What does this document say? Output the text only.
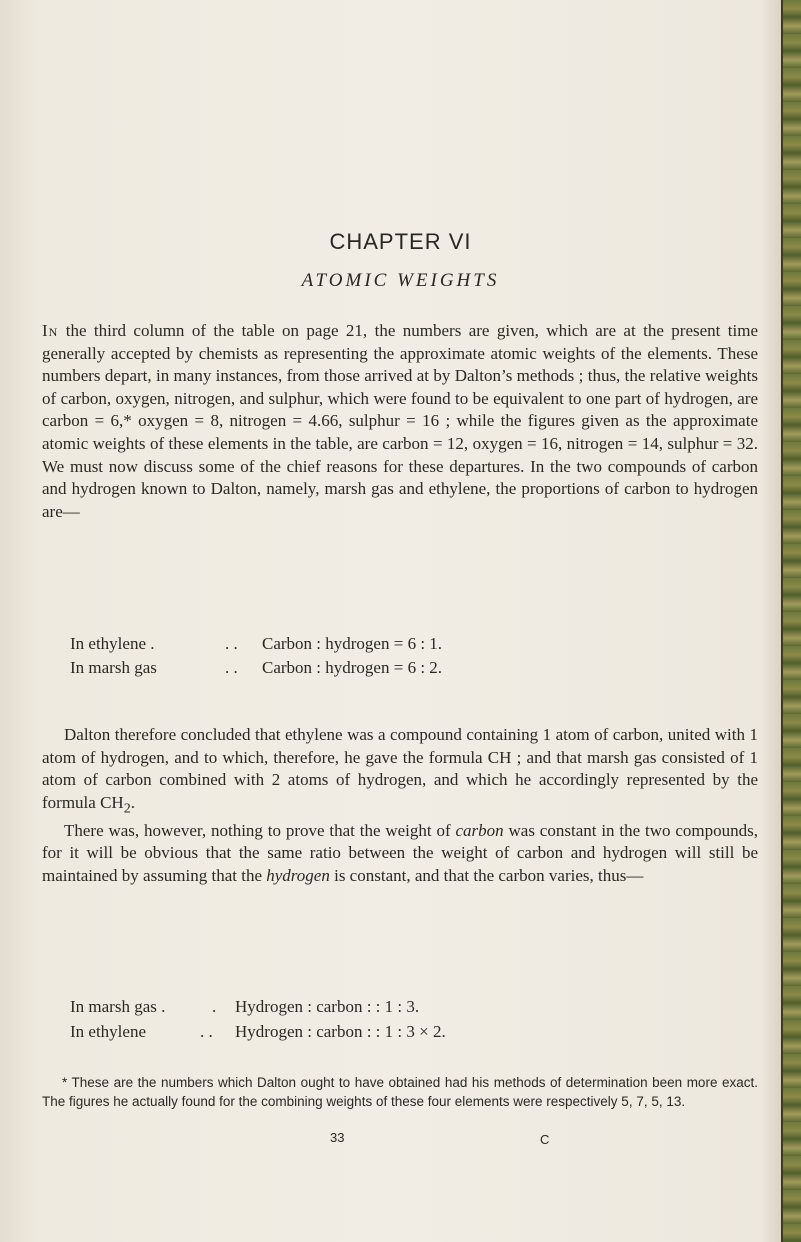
CHAPTER VI
ATOMIC WEIGHTS

In the third column of the table on page 21, the numbers are given, which are at the present time generally accepted by chemists as representing the approximate atomic weights of the elements. These numbers depart, in many instances, from those arrived at by Dalton’s methods ; thus, the relative weights of carbon, oxygen, nitrogen, and sulphur, which were found to be equivalent to one part of hydrogen, are carbon = 6,* oxygen = 8, nitrogen = 4.66, sulphur = 16 ; while the figures given as the approximate atomic weights of these elements in the table, are carbon = 12, oxygen = 16, nitrogen = 14, sulphur = 32. We must now discuss some of the chief reasons for these departures. In the two compounds of carbon and hydrogen known to Dalton, namely, marsh gas and ethylene, the proportions of carbon to hydrogen are—

In ethylene .	. . Carbon : hydrogen = 6 : 1.
In marsh gas	. . Carbon : hydrogen = 6 : 2.

Dalton therefore concluded that ethylene was a compound containing 1 atom of carbon, united with 1 atom of hydrogen, and to which, therefore, he gave the formula CH ; and that marsh gas consisted of 1 atom of carbon combined with 2 atoms of hydrogen, and which he accordingly represented by the formula $CH_2$.

There was, however, nothing to prove that the weight of carbon was constant in the two compounds, for it will be obvious that the same ratio between the weight of carbon and hydrogen will still be maintained by assuming that the hydrogen is constant, and that the carbon varies, thus—

In marsh gas .	. Hydrogen : carbon : : 1 : 3.
In ethylene	. . Hydrogen : carbon : : 1 : 3 × 2.

* These are the numbers which Dalton ought to have obtained had his methods of determination been more exact. The figures he actually found for the combining weights of these four elements were respectively 5, 7, 5, 13.

33	C
